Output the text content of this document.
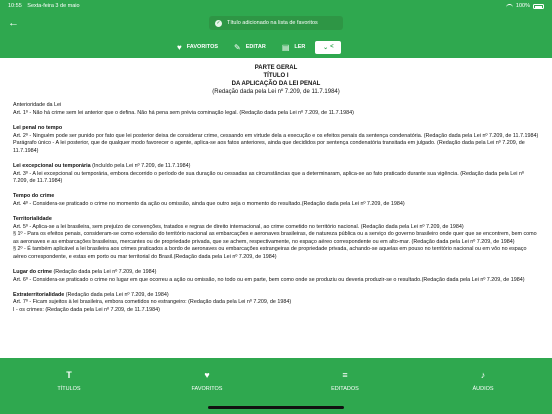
10:55 Sexta-feira 3 de maio	100%
←	✓ Título adicionado na lista de favoritos
♥ FAVORITOS ✎ EDITAR ▤ LER	⌄ <
PARTE GERAL
TÍTULO I
DA APLICAÇÃO DA LEI PENAL
(Redação dada pela Lei nº 7.209, de 11.7.1984)

Anterioridade da Lei

Art. 1º - Não há crime sem lei anterior que o defina. Não há pena sem prévia cominação legal. (Redação dada pela Lei nº 7.209, de 11.7.1984)

Lei penal no tempo

Art. 2º - Ninguém pode ser punido por fato que lei posterior deixa de considerar crime, cessando em virtude dela a execução e os efeitos penais da sentença condenatória. (Redação dada pela Lei nº 7.209, de 11.7.1984)

Parágrafo único - A lei posterior, que de qualquer modo favorecer o agente, aplica-se aos fatos anteriores, ainda que decididos por sentença condenatória transitada em julgado. (Redação dada pela Lei nº 7.209, de 11.7.1984)

Lei excepcional ou temporária (Incluído pela Lei nº 7.209, de 11.7.1984)

Art. 3º - A lei excepcional ou temporária, embora decorrido o período de sua duração ou cessadas as circunstâncias que a determinaram, aplica-se ao fato praticado durante sua vigência. (Redação dada pela Lei nº 7.209, de 11.7.1984)

Tempo do crime

Art. 4º - Considera-se praticado o crime no momento da ação ou omissão, ainda que outro seja o momento do resultado.(Redação dada pela Lei nº 7.209, de 1984)

Territorialidade

Art. 5º - Aplica-se a lei brasileira, sem prejuízo de convenções, tratados e regras de direito internacional, ao crime cometido no território nacional. (Redação dada pela Lei nº 7.209, de 1984)

§ 1º - Para os efeitos penais, consideram-se como extensão do território nacional as embarcações e aeronaves brasileiras, de natureza pública ou a serviço do governo brasileiro onde quer que se encontrem, bem como as aeronaves e as embarcações brasileiras, mercantes ou de propriedade privada, que se achem, respectivamente, no espaço aéreo correspondente ou em alto-mar. (Redação dada pela Lei nº 7.209, de 1984)

§ 2º - É também aplicável a lei brasileira aos crimes praticados a bordo de aeronaves ou embarcações estrangeiras de propriedade privada, achando-se aquelas em pouso no território nacional ou em vôo no espaço aéreo correspondente, e estas em porto ou mar territorial do Brasil.(Redação dada pela Lei nº 7.209, de 1984)

Lugar do crime (Redação dada pela Lei nº 7.209, de 1984)

Art. 6º - Considera-se praticado o crime no lugar em que ocorreu a ação ou omissão, no todo ou em parte, bem como onde se produziu ou deveria produzir-se o resultado.(Redação dada pela Lei nº 7.209, de 1984)

Extraterritorialidade (Redação dada pela Lei nº 7.209, de 1984)

Art. 7º - Ficam sujeitos à lei brasileira, embora cometidos no estrangeiro: (Redação dada pela Lei nº 7.209, de 1984)

I - os crimes: (Redação dada pela Lei nº 7.209, de 11.7.1984)

T
TÍTULOS
♥
FAVORITOS
≡
EDITADOS
♪
ÁUDIOS
